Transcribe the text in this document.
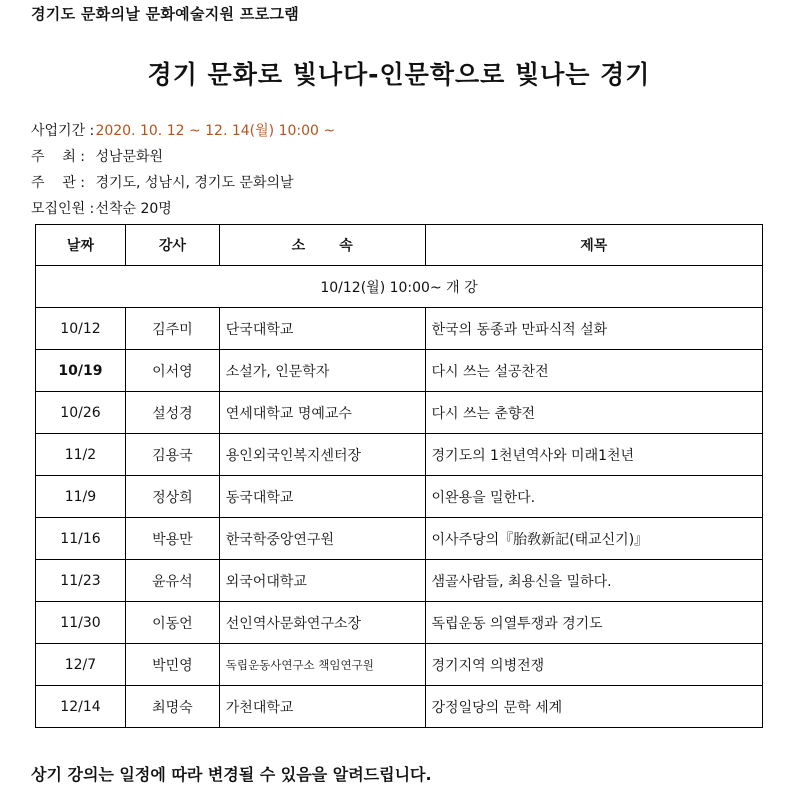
경기도 문화의날 문화예술지원 프로그램
경기 문화로 빛나다-인문학으로 빛나는 경기
사업기간 : 2020. 10. 12 ~ 12. 14(월) 10:00 ~
주    최 : 성남문화원
주    관 : 경기도, 성남시, 경기도 문화의날
모집인원 : 선착순 20명
날짜	강사	소       속	제목
10/12(월) 10:00~ 개 강			
10/12	김주미	단국대학교	한국의 동종과 만파식적 설화
10/19	이서영	소설가, 인문학자	다시 쓰는 설공찬전
10/26	설성경	연세대학교 명예교수	다시 쓰는 춘향전
11/2	김용국	용인외국인복지센터장	경기도의 1천년역사와 미래1천년
11/9	정상희	동국대학교	이완용을 밀한다.
11/16	박용만	한국학중앙연구원	이사주당의『胎敎新記(태교신기)』
11/23	윤유석	외국어대학교	샘골사람들, 최용신을 밀하다.
11/30	이동언	선인역사문화연구소장	독립운동 의열투쟁과 경기도
12/7	박민영	독립운동사연구소 책임연구원	경기지역 의병전쟁
12/14	최명숙	가천대학교	강정일당의 문학 세계
상기 강의는 일정에 따라 변경될 수 있음을 알려드립니다.
